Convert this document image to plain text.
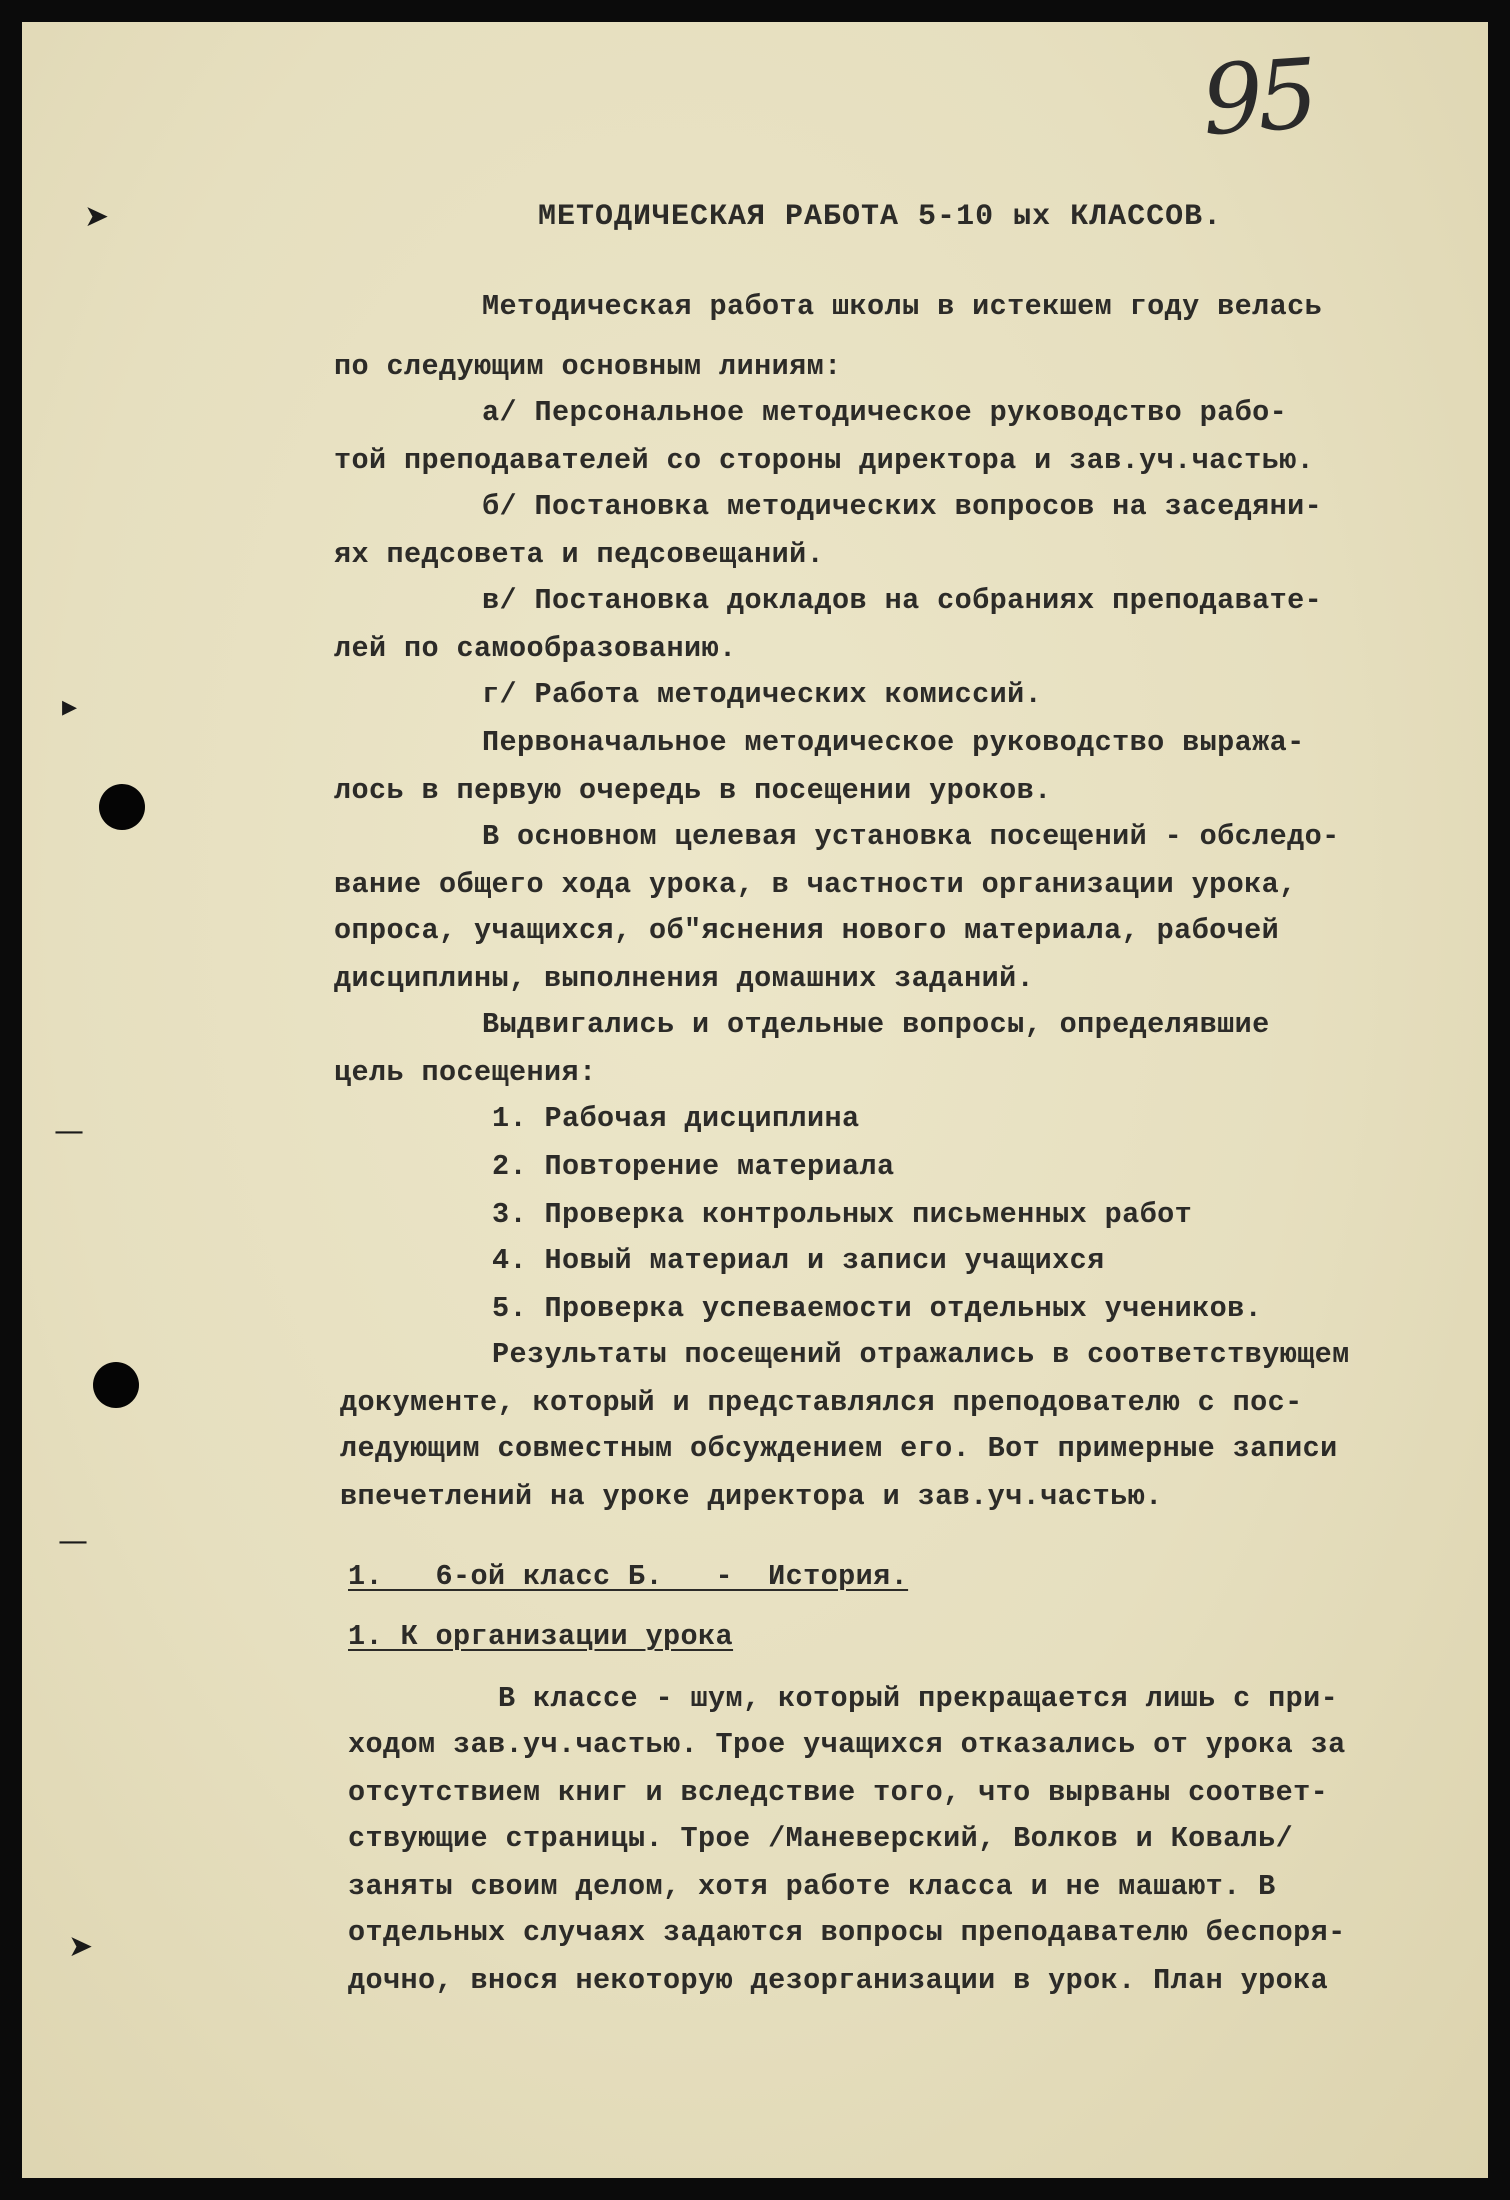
95
➤
▸
—
—
➤
МЕТОДИЧЕСКАЯ РАБОТА 5-10 ых КЛАССОВ.
Методическая работа школы в истекшем году велась
по следующим основным линиям:
а/ Персональное методическое руководство рабо-
той преподавателей со стороны директора и зав.уч.частью.
б/ Постановка методических вопросов на заседяни-
ях педсовета и педсовещаний.
в/ Постановка докладов на собраниях преподавате-
лей по самообразованию.
г/ Работа методических комиссий.
Первоначальное методическое руководство выража-
лось в первую очередь в посещении уроков.
В основном целевая установка посещений - обследо-
вание общего хода урока, в частности организации урока,
опроса, учащихся, об"яснения нового материала, рабочей
дисциплины, выполнения домашних заданий.
Выдвигались и отдельные вопросы, определявшие
цель посещения:
1. Рабочая дисциплина
2. Повторение материала
3. Проверка контрольных письменных работ
4. Новый материал и записи учащихся
5. Проверка успеваемости отдельных учеников.
Результаты посещений отражались в соответствующем
документе, который и представлялся преподователю с пос-
ледующим совместным обсуждением его. Вот примерные записи
впечетлений на уроке директора и зав.уч.частью.
1.   6-ой класс Б.   -  История.
1. К организации урока
В классе - шум, который прекращается лишь с при-
ходом зав.уч.частью. Трое учащихся отказались от урока за
отсутствием книг и вследствие того, что вырваны соответ-
ствующие страницы. Трое /Маневерский, Волков и Коваль/
заняты своим делом, хотя работе класса и не машают. В
отдельных случаях задаются вопросы преподавателю беспоря-
дочно, внося некоторую дезорганизации в урок. План урока
